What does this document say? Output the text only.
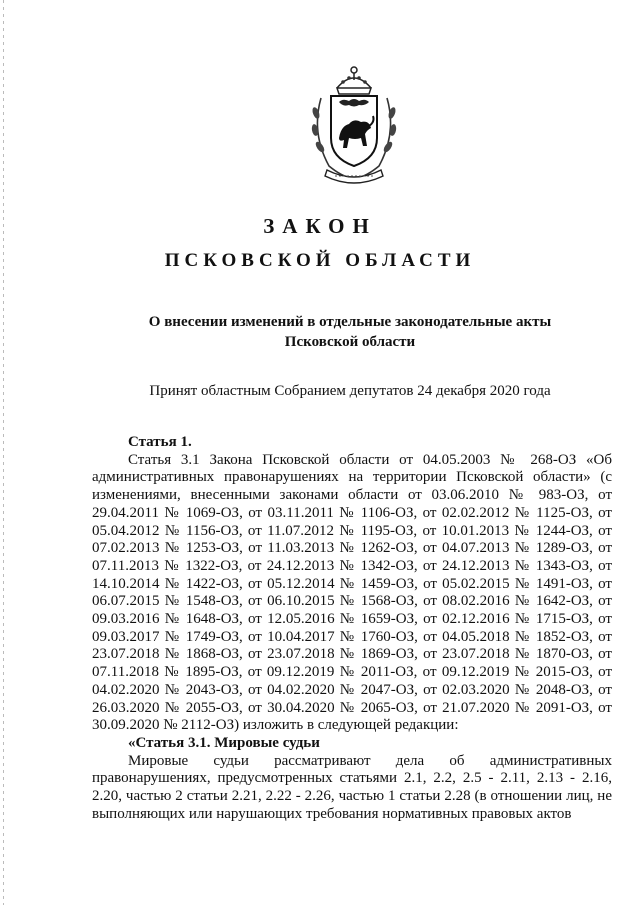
ЗАКОН
ПСКОВСКОЙ ОБЛАСТИ

О внесении изменений в отдельные законодательные акты
Псковской области

Принят областным Собранием депутатов 24 декабря 2020 года

Статья 1.

Статья 3.1 Закона Псковской области от 04.05.2003 № 268-ОЗ «Об административных правонарушениях на территории Псковской области» (с изменениями, внесенными законами области от 03.06.2010 № 983-ОЗ, от 29.04.2011 № 1069-ОЗ, от 03.11.2011 № 1106-ОЗ, от 02.02.2012 № 1125-ОЗ, от 05.04.2012 № 1156-ОЗ, от 11.07.2012 № 1195-ОЗ, от 10.01.2013 № 1244-ОЗ, от 07.02.2013 № 1253-ОЗ, от 11.03.2013 № 1262-ОЗ, от 04.07.2013 № 1289-ОЗ, от 07.11.2013 № 1322-ОЗ, от 24.12.2013 № 1342-ОЗ, от 24.12.2013 № 1343-ОЗ, от 14.10.2014 № 1422-ОЗ, от 05.12.2014 № 1459-ОЗ, от 05.02.2015 № 1491-ОЗ, от 06.07.2015 № 1548-ОЗ, от 06.10.2015 № 1568-ОЗ, от 08.02.2016 № 1642-ОЗ, от 09.03.2016 № 1648-ОЗ, от 12.05.2016 № 1659-ОЗ, от 02.12.2016 № 1715-ОЗ, от 09.03.2017 № 1749-ОЗ, от 10.04.2017 № 1760-ОЗ, от 04.05.2018 № 1852-ОЗ, от 23.07.2018 № 1868-ОЗ, от 23.07.2018 № 1869-ОЗ, от 23.07.2018 № 1870-ОЗ, от 07.11.2018 № 1895-ОЗ, от 09.12.2019 № 2011-ОЗ, от 09.12.2019 № 2015-ОЗ, от 04.02.2020 № 2043-ОЗ, от 04.02.2020 № 2047-ОЗ, от 02.03.2020 № 2048-ОЗ, от 26.03.2020 № 2055-ОЗ, от 30.04.2020 № 2065-ОЗ, от 21.07.2020 № 2091-ОЗ, от 30.09.2020 № 2112-ОЗ) изложить в следующей редакции:

«Статья 3.1. Мировые судьи

Мировые судьи рассматривают дела об административных правонарушениях, предусмотренных статьями 2.1, 2.2, 2.5 - 2.11, 2.13 - 2.16, 2.20, частью 2 статьи 2.21, 2.22 - 2.26, частью 1 статьи 2.28 (в отношении лиц, не выполняющих или нарушающих требования нормативных правовых актов
